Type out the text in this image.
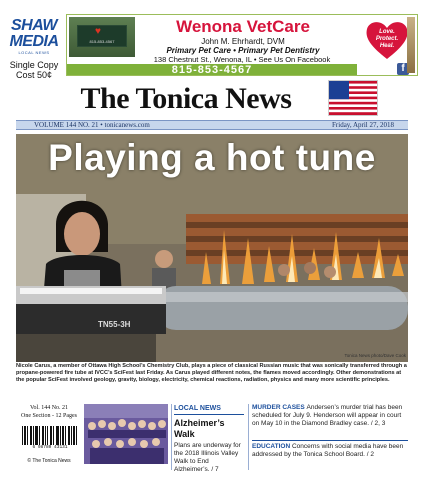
SHAW
MEDIA
LOCAL NEWS
Single Copy
Cost 50¢
♥
815-853-4567
Wenona VetCare
John M. Ehrhardt, DVM
Primary Pet Care • Primary Pet Dentistry
138 Chestnut St., Wenona, IL • See Us On Facebook
815-853-4567
Love.
Protect.
Heal.
f
The Tonica News
VOLUME 144 NO. 21 • tonicanews.com	Friday, April 27, 2018
Playing a hot tune
TN55-3H
Tonica News photo/Dave Cook
Nicole Carus, a member of Ottawa High School’s Chemistry Club, plays a piece of classical Russian music that was sonically transferred through a propane-powered fire tube at IVCC’s SciFest last Friday. As Carus played different notes, the flames moved accordingly. Other demonstrations at the popular SciFest involved geology, gravity, biology, electricity, chemical reactions, radiation, physics and many more scientific principles.
Vol. 144 No. 21
One Section - 12 Pages
6 98780 43131
© The Tonica News
LOCAL NEWS
Alzheimer’s Walk
Plans are underway for the 2018 Illinois Valley Walk to End Alzheimer’s. / 7
MURDER CASES Andersen’s murder trial has been scheduled for July 9. Henderson will appear in court on May 10 in the Diamond Bradley case. / 2, 3
EDUCATION Concerns with social media have been addressed by the Tonica School Board. / 2
